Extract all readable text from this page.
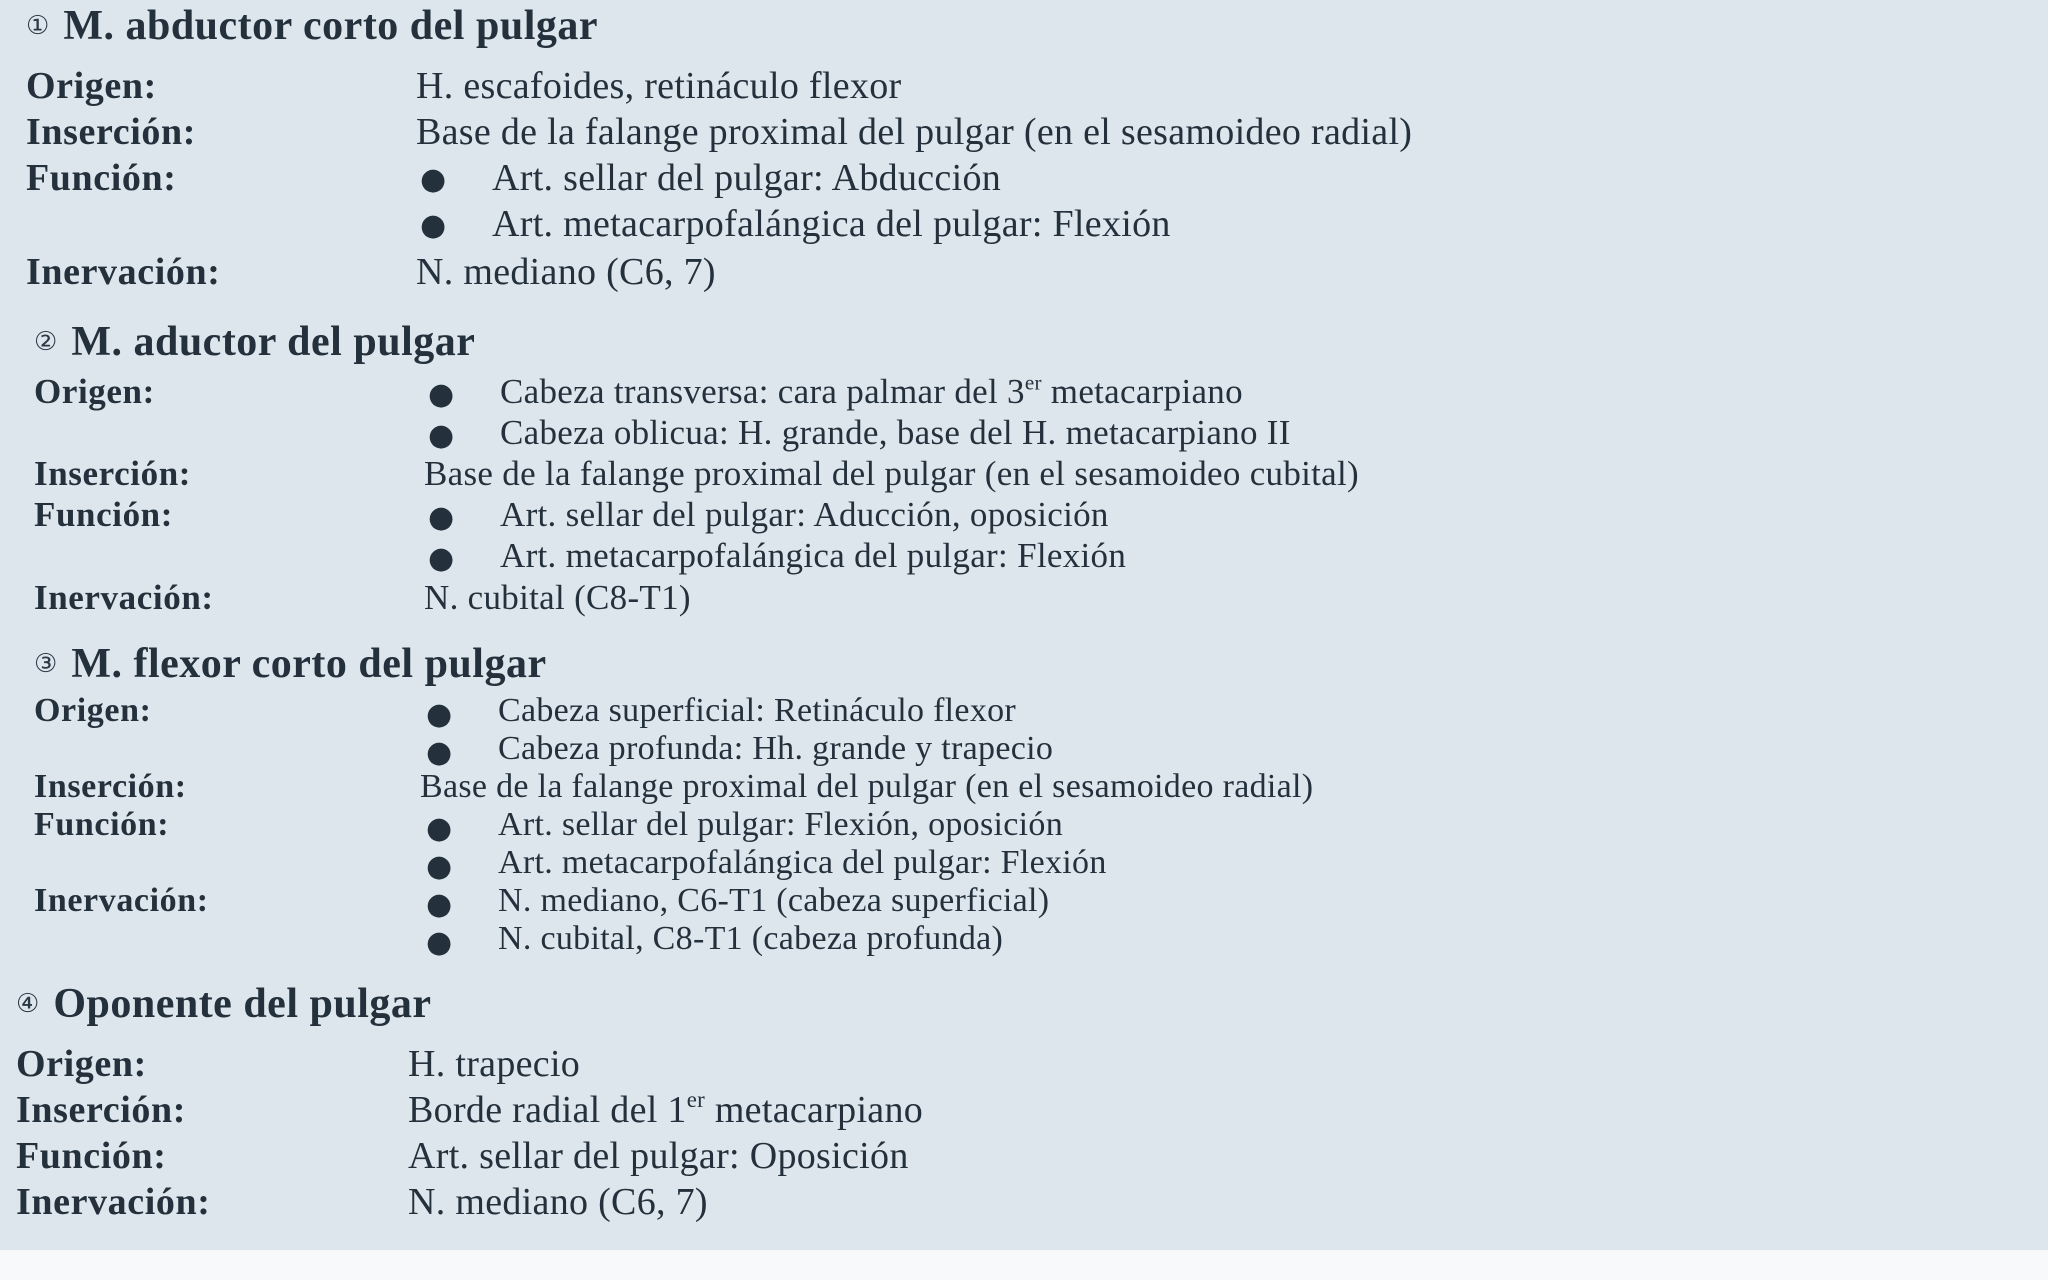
① M. abductor corto del pulgar
Origen:	H. escafoides, retináculo flexor
Inserción:	Base de la falange proximal del pulgar (en el sesamoideo radial)
Función:	● Art. sellar del pulgar: Abducción
● Art. metacarpofalángica del pulgar: Flexión
Inervación:	N. mediano (C6, 7)
② M. aductor del pulgar
Origen:	● Cabeza transversa: cara palmar del 3er metacarpiano
● Cabeza oblicua: H. grande, base del H. metacarpiano II
Inserción:	Base de la falange proximal del pulgar (en el sesamoideo cubital)
Función:	● Art. sellar del pulgar: Aducción, oposición
● Art. metacarpofalángica del pulgar: Flexión
Inervación:	N. cubital (C8-T1)
③ M. flexor corto del pulgar
Origen:	● Cabeza superficial: Retináculo flexor
● Cabeza profunda: Hh. grande y trapecio
Inserción:	Base de la falange proximal del pulgar (en el sesamoideo radial)
Función:	● Art. sellar del pulgar: Flexión, oposición
● Art. metacarpofalángica del pulgar: Flexión
Inervación:	● N. mediano, C6-T1 (cabeza superficial)
● N. cubital, C8-T1 (cabeza profunda)
④ Oponente del pulgar
Origen:	H. trapecio
Inserción:	Borde radial del 1er metacarpiano
Función:	Art. sellar del pulgar: Oposición
Inervación:	N. mediano (C6, 7)
